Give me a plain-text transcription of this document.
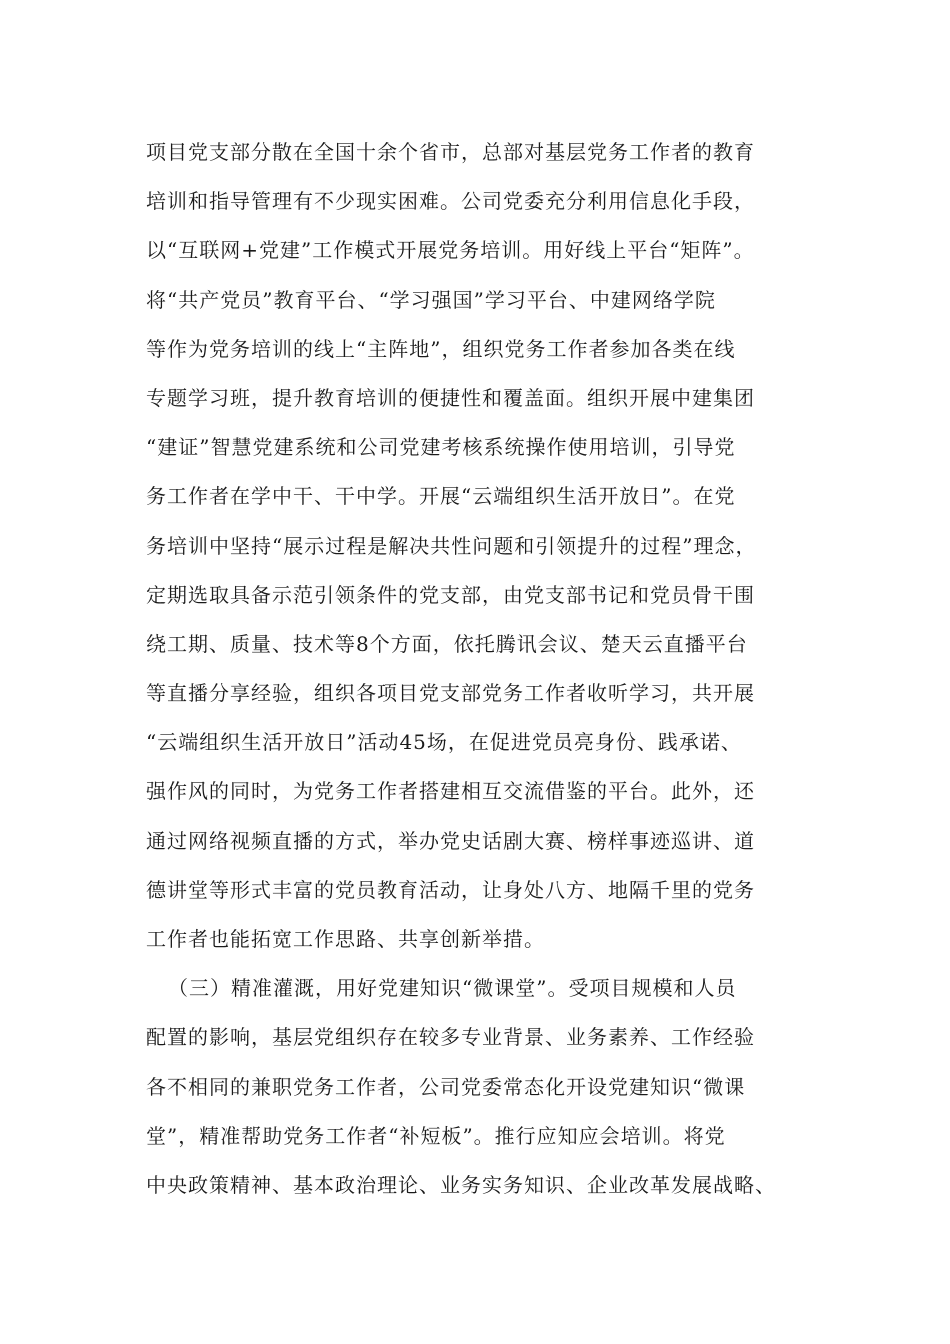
项目党支部分散在全国十余个省市，总部对基层党务工作者的教育
培训和指导管理有不少现实困难。公司党委充分利用信息化手段，
以“互联网+党建”工作模式开展党务培训。用好线上平台“矩阵”。
将“共产党员”教育平台、“学习强国”学习平台、中建网络学院
等作为党务培训的线上“主阵地”，组织党务工作者参加各类在线
专题学习班，提升教育培训的便捷性和覆盖面。组织开展中建集团
“建证”智慧党建系统和公司党建考核系统操作使用培训，引导党
务工作者在学中干、干中学。开展“云端组织生活开放日”。在党
务培训中坚持“展示过程是解决共性问题和引领提升的过程”理念，
定期选取具备示范引领条件的党支部，由党支部书记和党员骨干围
绕工期、质量、技术等8个方面，依托腾讯会议、楚天云直播平台
等直播分享经验，组织各项目党支部党务工作者收听学习，共开展
“云端组织生活开放日”活动45场，在促进党员亮身份、践承诺、
强作风的同时，为党务工作者搭建相互交流借鉴的平台。此外，还
通过网络视频直播的方式，举办党史话剧大赛、榜样事迹巡讲、道
德讲堂等形式丰富的党员教育活动，让身处八方、地隔千里的党务
工作者也能拓宽工作思路、共享创新举措。
（三）精准灌溉，用好党建知识“微课堂”。受项目规模和人员
配置的影响，基层党组织存在较多专业背景、业务素养、工作经验
各不相同的兼职党务工作者，公司党委常态化开设党建知识“微课
堂”，精准帮助党务工作者“补短板”。推行应知应会培训。将党
中央政策精神、基本政治理论、业务实务知识、企业改革发展战略、
